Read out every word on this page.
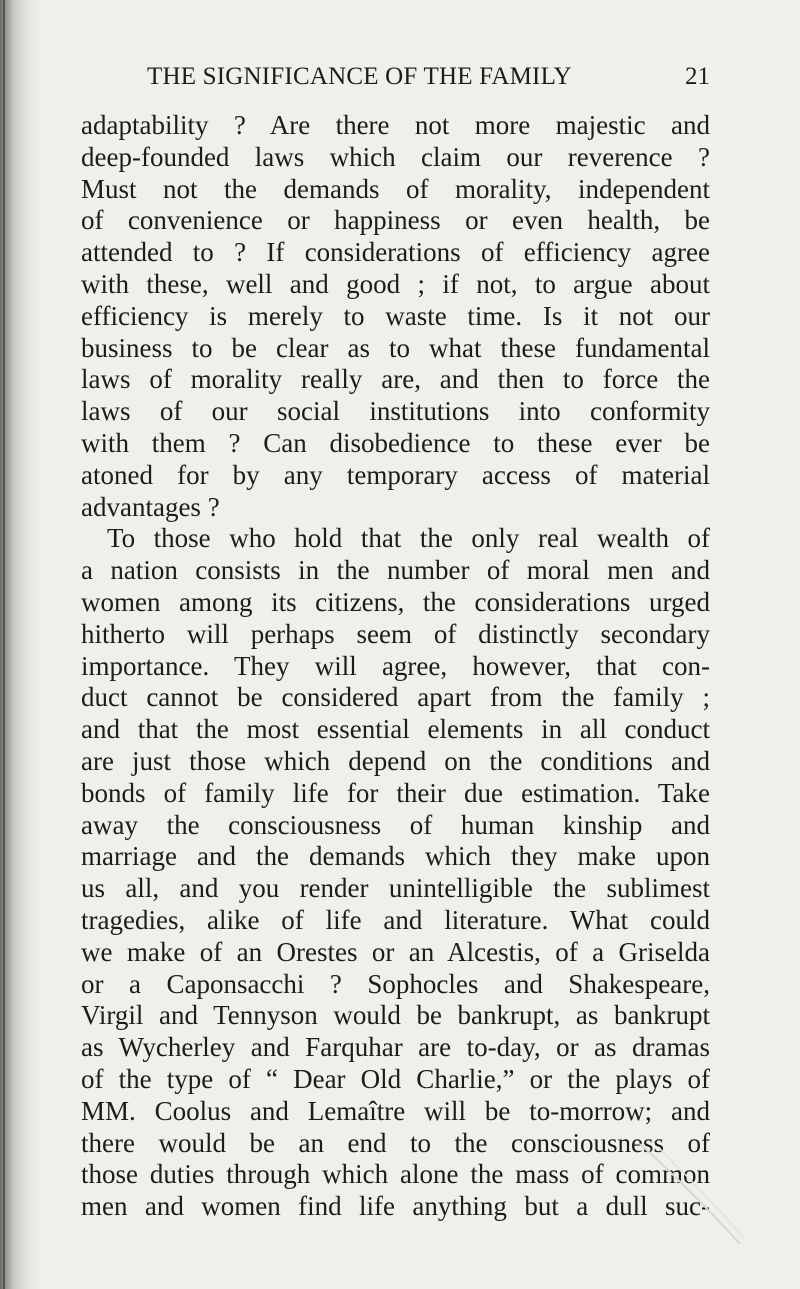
THE SIGNIFICANCE OF THE FAMILY	21
adaptability ? Are there not more majestic and
deep-founded laws which claim our reverence ?
Must not the demands of morality, independent
of convenience or happiness or even health, be
attended to ? If considerations of efficiency agree
with these, well and good ; if not, to argue about
efficiency is merely to waste time. Is it not our
business to be clear as to what these fundamental
laws of morality really are, and then to force the
laws of our social institutions into conformity
with them ? Can disobedience to these ever be
atoned for by any temporary access of material
advantages ?
To those who hold that the only real wealth of
a nation consists in the number of moral men and
women among its citizens, the considerations urged
hitherto will perhaps seem of distinctly secondary
importance. They will agree, however, that con-
duct cannot be considered apart from the family ;
and that the most essential elements in all conduct
are just those which depend on the conditions and
bonds of family life for their due estimation. Take
away the consciousness of human kinship and
marriage and the demands which they make upon
us all, and you render unintelligible the sublimest
tragedies, alike of life and literature. What could
we make of an Orestes or an Alcestis, of a Griselda
or a Caponsacchi ? Sophocles and Shakespeare,
Virgil and Tennyson would be bankrupt, as bankrupt
as Wycherley and Farquhar are to-day, or as dramas
of the type of “ Dear Old Charlie,” or the plays of
MM. Coolus and Lemaître will be to-morrow; and
there would be an end to the consciousness of
those duties through which alone the mass of common
men and women find life anything but a dull suc-
